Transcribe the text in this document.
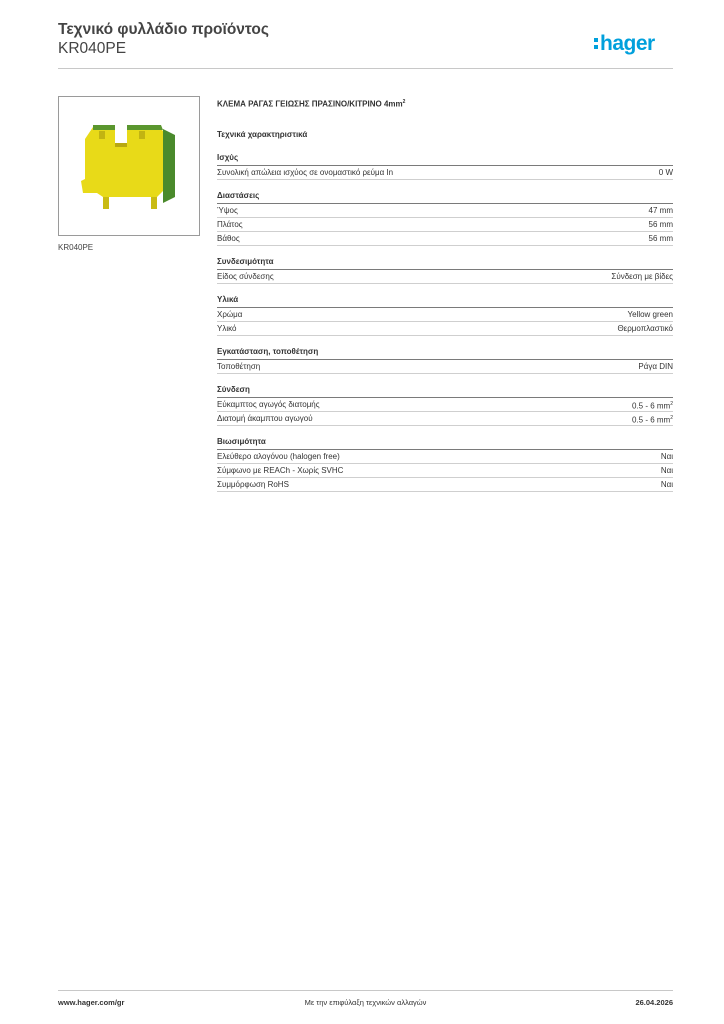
Τεχνικό φυλλάδιο προϊόντος
KR040PE	hager
KR040PE
ΚΛΕΜΑ ΡΑΓΑΣ ΓΕΙΩΣΗΣ ΠΡΑΣΙΝΟ/ΚΙΤΡΙΝΟ $4mm^2$
Τεχνικά χαρακτηριστικά
Ισχύς
Συνολική απώλεια ισχύος σε ονομαστικό ρεύμα In	0 W
Διαστάσεις
Ύψος	47 mm
Πλάτος	56 mm
Βάθος	56 mm
Συνδεσιμότητα
Είδος σύνδεσης	Σύνδεση με βίδες
Υλικά
Χρώμα	Yellow green
Υλικό	Θερμοπλαστικό
Εγκατάσταση, τοποθέτηση
Τοποθέτηση	Ράγα DIN
Σύνδεση
Εύκαμπτος αγωγός διατομής	0.5 - 6 $mm^2$
Διατομή άκαμπτου αγωγού	0.5 - 6 $mm^2$
Βιωσιμότητα
Ελεύθερο αλογόνου (halogen free)	Ναι
Σύμφωνο με REACh - Χωρίς SVHC	Ναι
Συμμόρφωση RoHS	Ναι
www.hager.com/gr	Με την επιφύλαξη τεχνικών αλλαγών	26.04.2026
